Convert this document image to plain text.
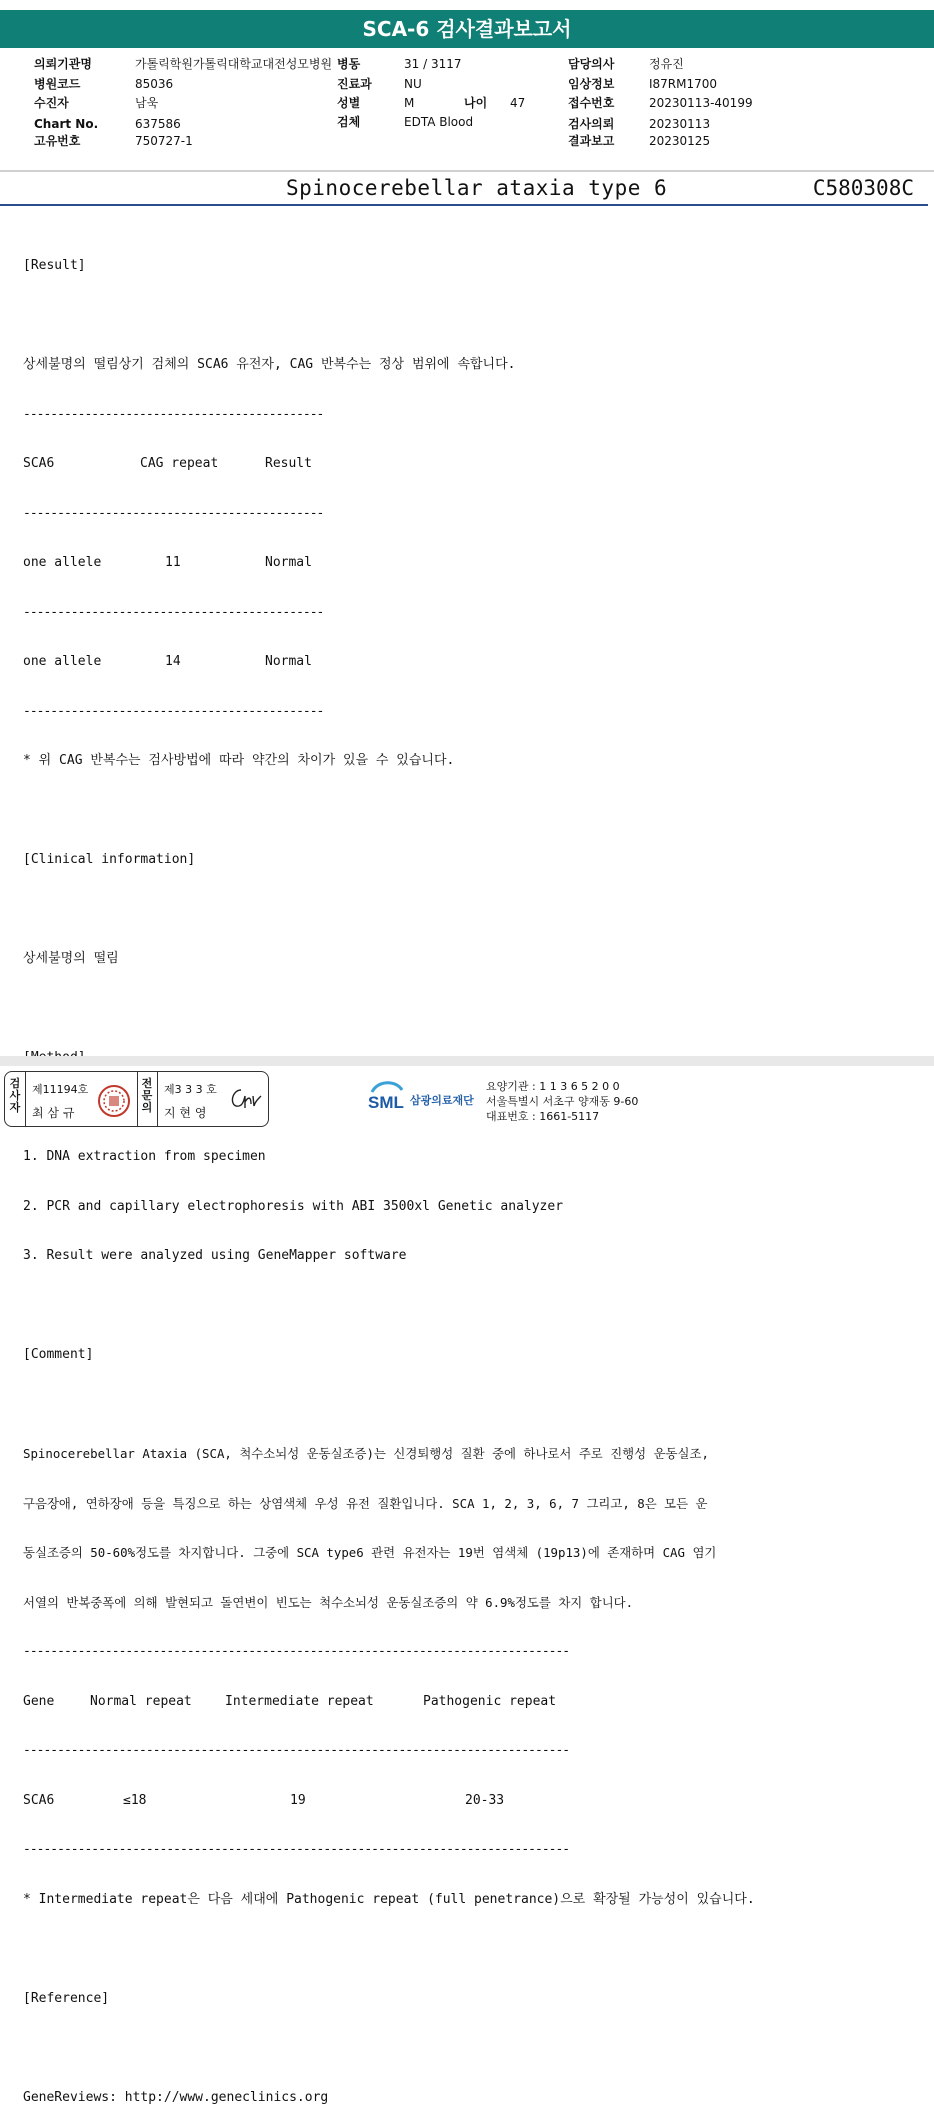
SCA-6 검사결과보고서
의뢰기관명	가톨릭학원가톨릭대학교대전성모병원
병원코드	85036
수진자	남욱
Chart No.	637586
고유번호	750727-1
병동	31 / 3117
진료과	NU
성별	M	나이 47
검체	EDTA Blood
담당의사	정유진
임상정보	I87RM1700
접수번호	20230113-40199
검사의뢰	20230113
결과보고	20230125
Spinocerebellar ataxia type 6	C580308C

[Result]

상세불명의 떨림상기 검체의 SCA6 유전자, CAG 반복수는 정상 범위에 속합니다.

--------------------------------------------

SCA6

	CAG repeat

	Result

--------------------------------------------

one allele

	11

	Normal

--------------------------------------------

one allele

	14

	Normal

--------------------------------------------

* 위 CAG 반복수는 검사방법에 따라 약간의 차이가 있을 수 있습니다.

[Clinical information]

상세불명의 떨림

1. DNA extraction from specimen

2. PCR and capillary electrophoresis with ABI 3500xl Genetic analyzer

3. Result were analyzed using GeneMapper software

[Comment]

Spinocerebellar Ataxia (SCA, 척수소뇌성 운동실조증)는 신경퇴행성 질환 중에 하나로서 주로 진행성 운동실조,

구음장애, 연하장애 등을 특징으로 하는 상염색체 우성 유전 질환입니다. SCA 1, 2, 3, 6, 7 그리고, 8은 모든 운

동실조증의 50-60%정도를 차지합니다. 그중에 SCA type6 관련 유전자는 19번 염색체 (19p13)에 존재하며 CAG 염기

서열의 반복중폭에 의해 발현되고 돌연변이 빈도는 척수소뇌성 운동실조증의 약 6.9%정도를 차지 합니다.

--------------------------------------------------------------------------------

Gene

	Normal repeat

	Intermediate repeat

	Pathogenic repeat

--------------------------------------------------------------------------------

SCA6

	≤18

	19

	20-33

--------------------------------------------------------------------------------

* Intermediate repeat은 다음 세대에 Pathogenic repeat (full penetrance)으로 확장될 가능성이 있습니다.

[Reference]

GeneReviews: http://www.geneclinics.org

검
사
자
제11194호
최 삼 규
전
문
의
제3 3 3 호
지 현 영
SML 삼광의료재단
요양기관 : 1 1 3 6 5 2 0 0
서울특별시 서초구 양재동 9-60
대표번호 : 1661-5117
